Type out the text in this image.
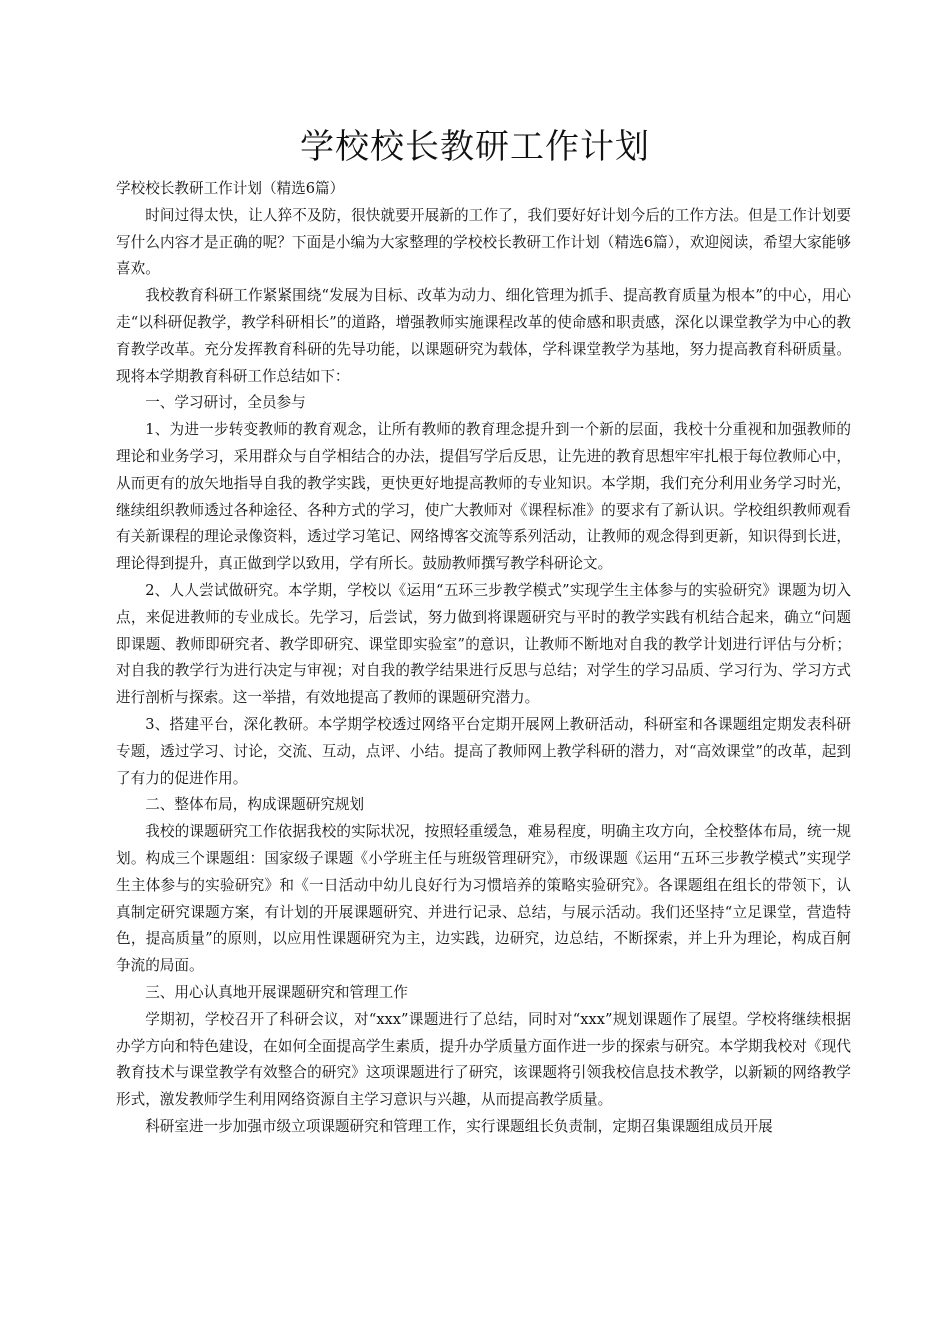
学校校长教研工作计划

学校校长教研工作计划（精选6篇）

时间过得太快，让人猝不及防，很快就要开展新的工作了，我们要好好计划今后的工作方法。但是工作计划要写什么内容才是正确的呢？下面是小编为大家整理的学校校长教研工作计划（精选6篇），欢迎阅读，希望大家能够喜欢。

我校教育科研工作紧紧围绕“发展为目标、改革为动力、细化管理为抓手、提高教育质量为根本”的中心，用心走“以科研促教学，教学科研相长”的道路，增强教师实施课程改革的使命感和职责感，深化以课堂教学为中心的教育教学改革。充分发挥教育科研的先导功能，以课题研究为载体，学科课堂教学为基地，努力提高教育科研质量。现将本学期教育科研工作总结如下：

一、学习研讨，全员参与

1、为进一步转变教师的教育观念，让所有教师的教育理念提升到一个新的层面，我校十分重视和加强教师的理论和业务学习，采用群众与自学相结合的办法，提倡写学后反思，让先进的教育思想牢牢扎根于每位教师心中，从而更有的放矢地指导自我的教学实践，更快更好地提高教师的专业知识。本学期，我们充分利用业务学习时光，继续组织教师透过各种途径、各种方式的学习，使广大教师对《课程标准》的要求有了新认识。学校组织教师观看有关新课程的理论录像资料，透过学习笔记、网络博客交流等系列活动，让教师的观念得到更新，知识得到长进，理论得到提升，真正做到学以致用，学有所长。鼓励教师撰写教学科研论文。

2、人人尝试做研究。本学期，学校以《运用“五环三步教学模式”实现学生主体参与的实验研究》课题为切入点，来促进教师的专业成长。先学习，后尝试，努力做到将课题研究与平时的教学实践有机结合起来，确立“问题即课题、教师即研究者、教学即研究、课堂即实验室”的意识，让教师不断地对自我的教学计划进行评估与分析；对自我的教学行为进行决定与审视；对自我的教学结果进行反思与总结；对学生的学习品质、学习行为、学习方式进行剖析与探索。这一举措，有效地提高了教师的课题研究潜力。

3、搭建平台，深化教研。本学期学校透过网络平台定期开展网上教研活动，科研室和各课题组定期发表科研专题，透过学习、讨论，交流、互动，点评、小结。提高了教师网上教学科研的潜力，对“高效课堂”的改革，起到了有力的促进作用。

二、整体布局，构成课题研究规划

我校的课题研究工作依据我校的实际状况，按照轻重缓急，难易程度，明确主攻方向，全校整体布局，统一规划。构成三个课题组：国家级子课题《小学班主任与班级管理研究》，市级课题《运用“五环三步教学模式”实现学生主体参与的实验研究》和《一日活动中幼儿良好行为习惯培养的策略实验研究》。各课题组在组长的带领下，认真制定研究课题方案，有计划的开展课题研究、并进行记录、总结，与展示活动。我们还坚持“立足课堂，营造特色，提高质量”的原则，以应用性课题研究为主，边实践，边研究，边总结，不断探索，并上升为理论，构成百舸争流的局面。

三、用心认真地开展课题研究和管理工作

学期初，学校召开了科研会议，对“xxx”课题进行了总结，同时对“xxx”规划课题作了展望。学校将继续根据办学方向和特色建设，在如何全面提高学生素质，提升办学质量方面作进一步的探索与研究。本学期我校对《现代教育技术与课堂教学有效整合的研究》这项课题进行了研究，该课题将引领我校信息技术教学，以新颖的网络教学形式，激发教师学生利用网络资源自主学习意识与兴趣，从而提高教学质量。

科研室进一步加强市级立项课题研究和管理工作，实行课题组长负责制，定期召集课题组成员开展
